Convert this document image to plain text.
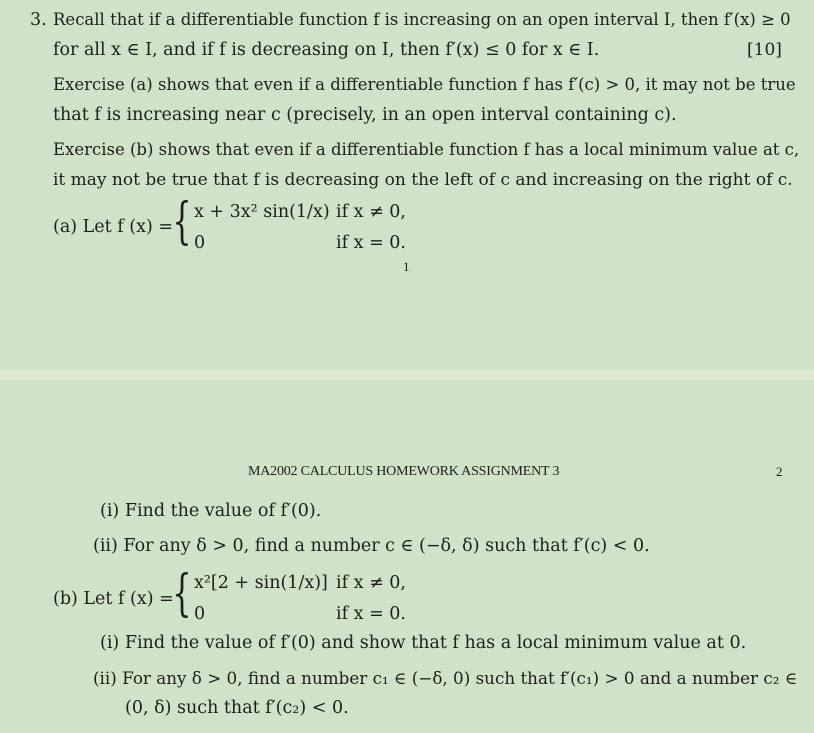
3. Recall that if a differentiable function f is increasing on an open interval I, then f′(x) ≥ 0
for all x ∈ I, and if f is decreasing on I, then f′(x) ≤ 0 for x ∈ I.	[10]
Exercise (a) shows that even if a differentiable function f has f′(c) > 0, it may not be true
that f is increasing near c (precisely, in an open interval containing c).
Exercise (b) shows that even if a differentiable function f has a local minimum value at c,
it may not be true that f is decreasing on the left of c and increasing on the right of c.
(a) Let f (x) = { x + 3x² sin(1/x) if x ≠ 0,
0	if x = 0.
1
MA2002 CALCULUS HOMEWORK ASSIGNMENT 3	2
(i) Find the value of f′(0).
(ii) For any δ > 0, find a number c ∈ (−δ, δ) such that f′(c) < 0.
(b) Let f (x) =
{ x²[2 + sin(1/x)] if x ≠ 0,
0	if x = 0.
(i) Find the value of f′(0) and show that f has a local minimum value at 0.
(ii) For any δ > 0, find a number c₁ ∈ (−δ, 0) such that f′(c₁) > 0 and a number c₂ ∈
(0, δ) such that f′(c₂) < 0.
